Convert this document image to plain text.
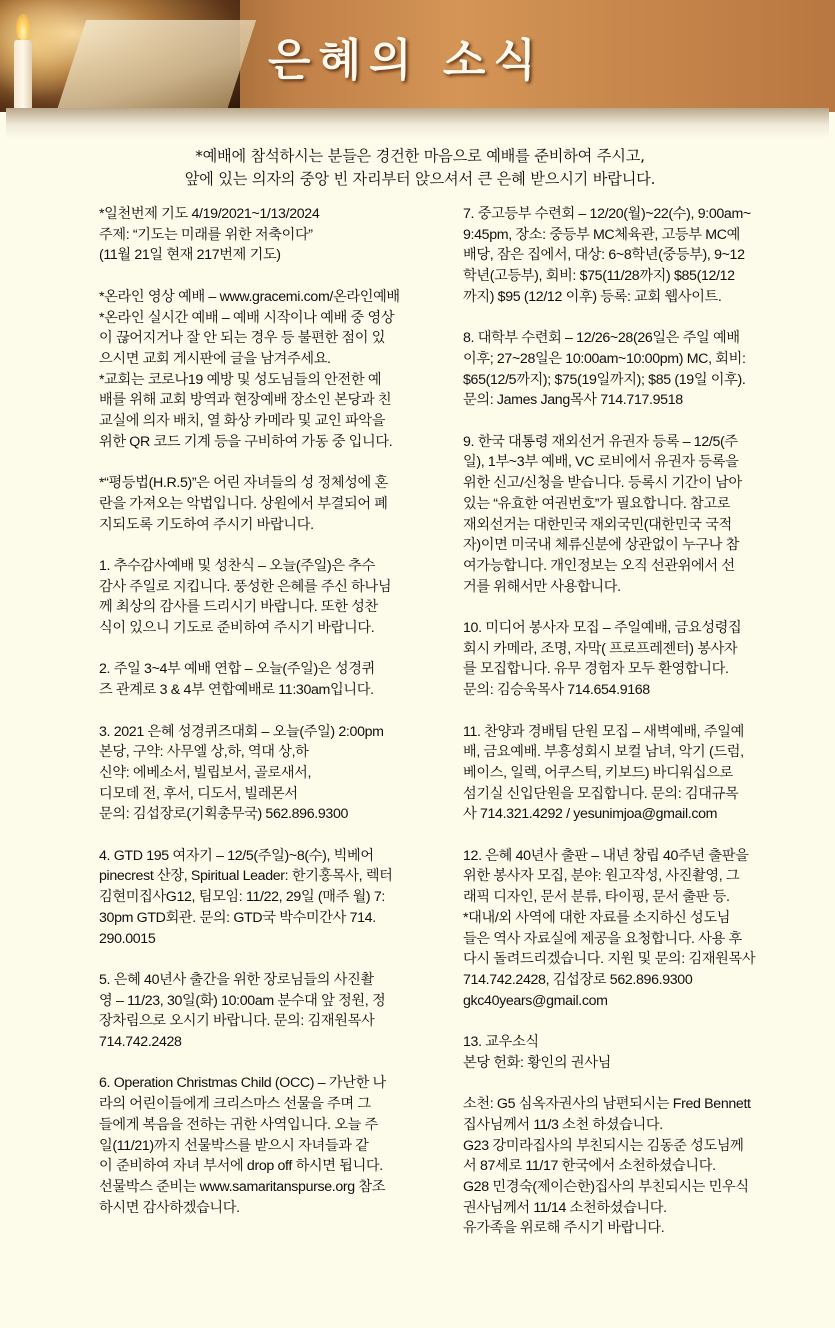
은혜의 소식
*예배에 참석하시는 분들은 경건한 마음으로 예배를 준비하여 주시고,
앞에 있는 의자의 중앙 빈 자리부터 앉으셔서 큰 은혜 받으시기 바랍니다.
*일천번제 기도 4/19/2021~1/13/2024
주제: “기도는 미래를 위한 저축이다”
(11월 21일 현재 217번제 기도)
*온라인 영상 예배 – www.gracemi.com/온라인예배
*온라인 실시간 예배 – 예배 시작이나 예배 중 영상
이 끊어지거나 잘 안 되는 경우 등 불편한 점이 있
으시면 교회 게시판에 글을 남겨주세요.
*교회는 코로나19 예방 및 성도님들의 안전한 예
배를 위해 교회 방역과 현장예배 장소인 본당과 친
교실에 의자 배치, 열 화상 카메라 및 교인 파악을
위한 QR 코드 기계 등을 구비하여 가동 중 입니다.
*“평등법(H.R.5)”은 어린 자녀들의 성 정체성에 혼
란을 가져오는 악법입니다. 상원에서 부결되어 폐
지되도록 기도하여 주시기 바랍니다.
1. 추수감사예배 및 성찬식 – 오늘(주일)은 추수
감사 주일로 지킵니다. 풍성한 은혜를 주신 하나님
께 최상의 감사를 드리시기 바랍니다. 또한 성찬
식이 있으니 기도로 준비하여 주시기 바랍니다.
2. 주일 3~4부 예배 연합 – 오늘(주일)은 성경퀴
즈 관계로 3 & 4부 연합예배로 11:30am입니다.
3. 2021 은혜 성경퀴즈대회 – 오늘(주일) 2:00pm
본당, 구약: 사무엘 상,하, 역대 상,하
신약: 에베소서, 빌립보서, 골로새서,
디모데 전, 후서, 디도서, 빌레몬서
문의: 김섭장로(기획총무국) 562.896.9300
4. GTD 195 여자기 – 12/5(주일)~8(수), 빅베어
pinecrest 산장, Spiritual Leader: 한기홍목사, 렉터
김현미집사G12, 팀모임: 11/22, 29일 (매주 월) 7:
30pm GTD회관. 문의: GTD국 박수미간사 714.
290.0015
5. 은혜 40년사 출간을 위한 장로님들의 사진촬
영 – 11/23, 30일(화) 10:00am 분수대 앞 정원, 정
장차림으로 오시기 바랍니다. 문의: 김재원목사
714.742.2428
6. Operation Christmas Child (OCC) – 가난한 나
라의 어린이들에게 크리스마스 선물을 주며 그
들에게 복음을 전하는 귀한 사역입니다. 오늘 주
일(11/21)까지 선물박스를 받으시 자녀들과 같
이 준비하여 자녀 부서에 drop off 하시면 됩니다.
선물박스 준비는 www.samaritanspurse.org 참조
하시면 감사하겠습니다.
7. 중고등부 수련회 – 12/20(월)~22(수), 9:00am~
9:45pm, 장소: 중등부 MC체육관, 고등부 MC예
배당, 잠은 집에서, 대상: 6~8학년(중등부), 9~12
학년(고등부), 회비: $75(11/28까지) $85(12/12
까지) $95 (12/12 이후) 등록: 교회 웹사이트.
8. 대학부 수련회 – 12/26~28(26일은 주일 예배
이후; 27~28일은 10:00am~10:00pm) MC, 회비:
$65(12/5까지); $75(19일까지); $85 (19일 이후).
문의: James Jang목사 714.717.9518
9. 한국 대통령 재외선거 유권자 등록 – 12/5(주
일), 1부~3부 예배, VC 로비에서 유권자 등록을
위한 신고/신청을 받습니다. 등록시 기간이 남아
있는 “유효한 여권번호”가 필요합니다. 참고로
재외선거는 대한민국 재외국민(대한민국 국적
자)이면 미국내 체류신분에 상관없이 누구나 참
여가능합니다. 개인정보는 오직 선관위에서 선
거를 위해서만 사용합니다.
10. 미디어 봉사자 모집 – 주일예배, 금요성령집
회시 카메라, 조명, 자막( 프로프레젠터) 봉사자
를 모집합니다. 유무 경험자 모두 환영합니다.
문의: 김승욱목사 714.654.9168
11. 찬양과 경배팀 단원 모집 – 새벽예배, 주일예
배, 금요예배. 부흥성회시 보컬 남녀, 악기 (드럼,
베이스, 일렉, 어쿠스틱, 키보드) 바디워십으로
섬기실 신입단원을 모집합니다. 문의: 김대규목
사 714.321.4292 / yesunimjoa@gmail.com
12. 은혜 40년사 출판 – 내년 창립 40주년 출판을
위한 봉사자 모집, 분야: 원고작성, 사진촬영, 그
래픽 디자인, 문서 분류, 타이핑, 문서 출판 등.
*대내/외 사역에 대한 자료를 소지하신 성도님
들은 역사 자료실에 제공을 요청합니다. 사용 후
다시 돌려드리겠습니다. 지원 및 문의: 김재원목사
714.742.2428, 김섭장로 562.896.9300
gkc40years@gmail.com
13. 교우소식
본당 헌화: 황인의 권사님
소천: G5 심옥자권사의 남편되시는 Fred Bennett
집사님께서 11/3 소천 하셨습니다.
G23 강미라집사의 부친되시는 김동준 성도님께
서 87세로 11/17 한국에서 소천하셨습니다.
G28 민경숙(제이슨한)집사의 부친되시는 민우식
권사님께서 11/14 소천하셨습니다.
유가족을 위로해 주시기 바랍니다.
